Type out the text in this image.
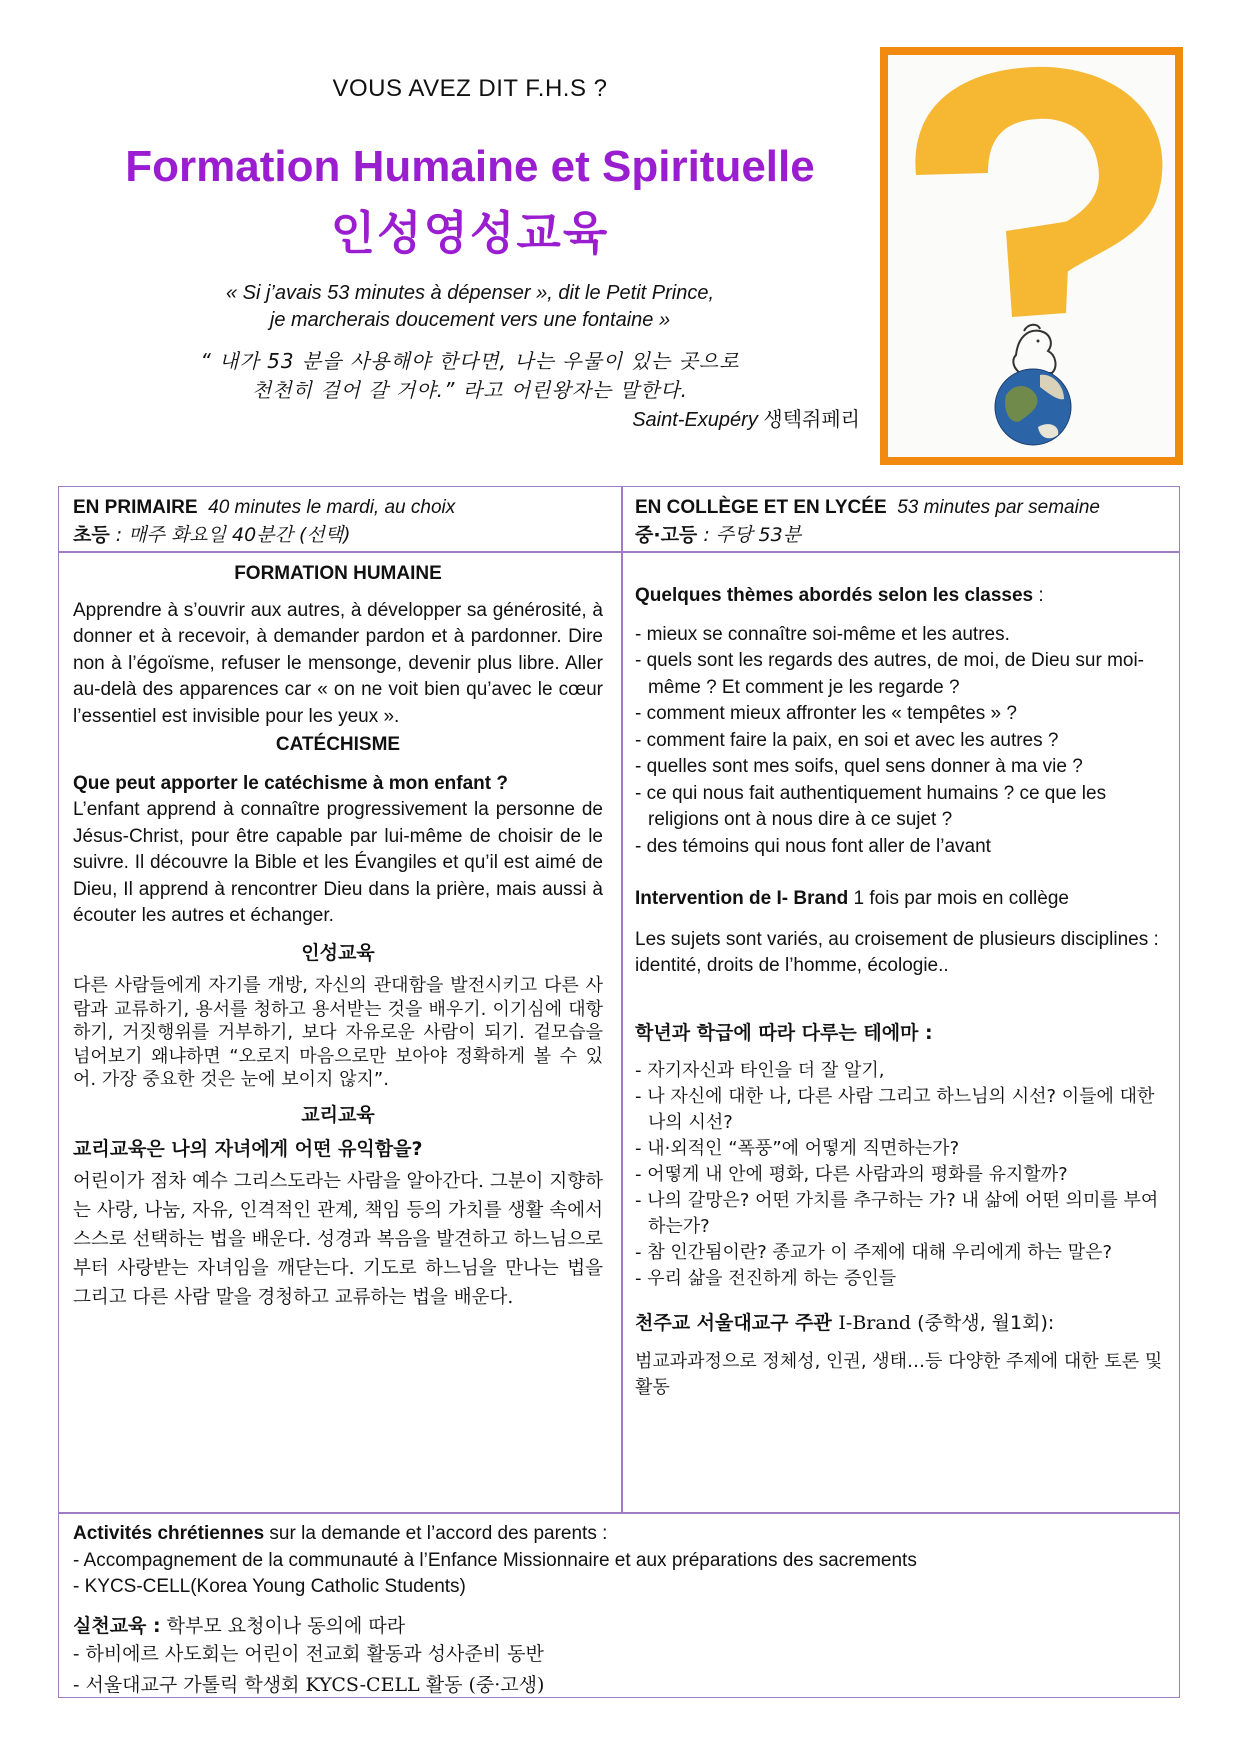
VOUS AVEZ DIT F.H.S ?
Formation Humaine et Spirituelle
인성영성교육
« Si j’avais 53 minutes à dépenser », dit le Petit Prince,
je marcherais doucement vers une fontaine »
“ 내가 53 분을 사용해야 한다면, 나는 우물이 있는 곳으로
천천히 걸어 갈 거야.” 라고 어린왕자는 말한다.
Saint-Exupéry 생텍쥐페리
EN PRIMAIRE 40 minutes le mardi, au choix
초등 : 매주 화요일 40분간 (선택)
EN COLLÈGE ET EN LYCÉE 53 minutes par semaine
중·고등 : 주당 53분
FORMATION HUMAINE
Apprendre à s’ouvrir aux autres, à développer sa générosité, à donner et à recevoir, à demander pardon et à pardonner. Dire non à l’égoïsme, refuser le mensonge, devenir plus libre. Aller au-delà des apparences car « on ne voit bien qu’avec le cœur l’essentiel est invisible pour les yeux ».
CATÉCHISME
Que peut apporter le catéchisme à mon enfant ?
L’enfant apprend à connaître progressivement la personne de Jésus-Christ, pour être capable par lui-même de choisir de le suivre. Il découvre la Bible et les Évangiles et qu’il est aimé de Dieu, Il apprend à rencontrer Dieu dans la prière, mais aussi à écouter les autres et échanger.
인성교육
다른 사람들에게 자기를 개방, 자신의 관대함을 발전시키고 다른 사람과 교류하기, 용서를 청하고 용서받는 것을 배우기. 이기심에 대항하기, 거짓행위를 거부하기, 보다 자유로운 사람이 되기. 겉모습을 넘어보기 왜냐하면 “오로지 마음으로만 보아야 정확하게 볼 수 있어. 가장 중요한 것은 눈에 보이지 않지”.
교리교육
교리교육은 나의 자녀에게 어떤 유익함을?
어린이가 점차 예수 그리스도라는 사람을 알아간다. 그분이 지향하는 사랑, 나눔, 자유, 인격적인 관계, 책임 등의 가치를 생활 속에서 스스로 선택하는 법을 배운다. 성경과 복음을 발견하고 하느님으로부터 사랑받는 자녀임을 깨닫는다. 기도로 하느님을 만나는 법을 그리고 다른 사람 말을 경청하고 교류하는 법을 배운다.
Quelques thèmes abordés selon les classes :
- mieux se connaître soi-même et les autres.
- quels sont les regards des autres, de moi, de Dieu sur moi-même ? Et comment je les regarde ?
- comment mieux affronter les « tempêtes » ?
- comment faire la paix, en soi et avec les autres ?
- quelles sont mes soifs, quel sens donner à ma vie ?
- ce qui nous fait authentiquement humains ? ce que les religions ont à nous dire à ce sujet ?
- des témoins qui nous font aller de l’avant
Intervention de I- Brand 1 fois par mois en collège
Les sujets sont variés, au croisement de plusieurs disciplines : identité, droits de l’homme, écologie..
학년과 학급에 따라 다루는 테에마 :
- 자기자신과 타인을 더 잘 알기,
- 나 자신에 대한 나, 다른 사람 그리고 하느님의 시선? 이들에 대한 나의 시선?
- 내·외적인 “폭풍”에 어떻게 직면하는가?
- 어떻게 내 안에 평화, 다른 사람과의 평화를 유지할까?
- 나의 갈망은? 어떤 가치를 추구하는 가? 내 삶에 어떤 의미를 부여하는가?
- 참 인간됨이란? 종교가 이 주제에 대해 우리에게 하는 말은?
- 우리 삶을 전진하게 하는 증인들
천주교 서울대교구 주관 I-Brand (중학생, 월1회):
범교과과정으로 정체성, 인권, 생태…등 다양한 주제에 대한 토론 및 활동
Activités chrétiennes sur la demande et l’accord des parents :
- Accompagnement de la communauté à l’Enfance Missionnaire et aux préparations des sacrements
- KYCS-CELL(Korea Young Catholic Students)
실천교육 : 학부모 요청이나 동의에 따라
- 하비에르 사도회는 어린이 전교회 활동과 성사준비 동반
- 서울대교구 가톨릭 학생회 KYCS-CELL 활동 (중·고생)
